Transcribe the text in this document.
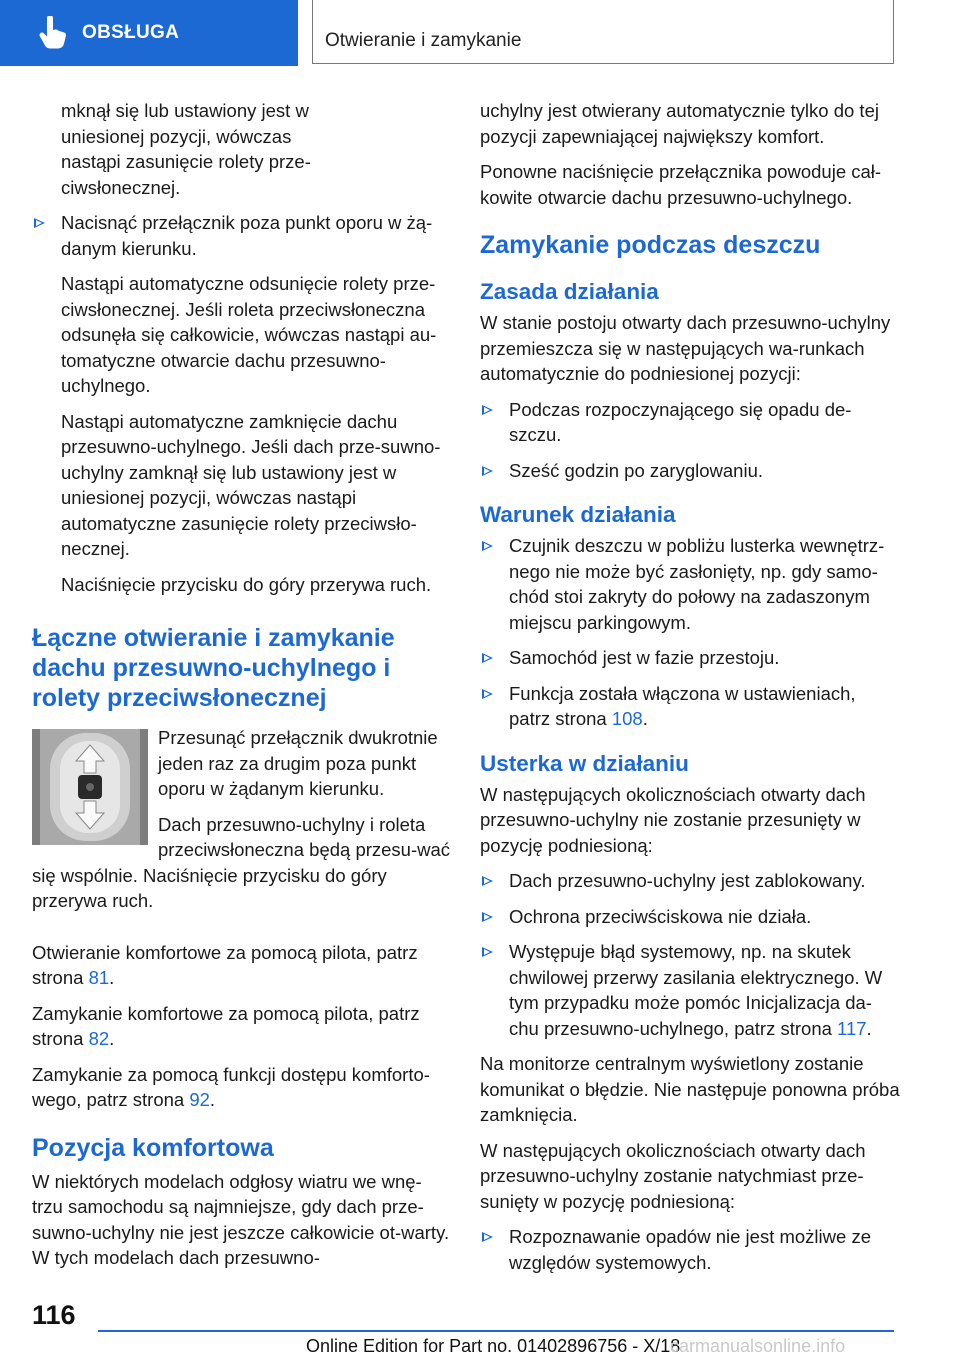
OBSŁUGA	Otwieranie i zamykanie

mknął się lub ustawiony jest w uniesionej pozycji, wówczas nastąpi zasunięcie rolety prze-ciwsłonecznej.

Nacisnąć przełącznik poza punkt oporu w żą-danym kierunku.

Nastąpi automatyczne odsunięcie rolety prze-ciwsłonecznej. Jeśli roleta przeciwsłoneczna odsunęła się całkowicie, wówczas nastąpi au-tomatyczne otwarcie dachu przesuwno-uchylnego.

Nastąpi automatyczne zamknięcie dachu przesuwno-uchylnego. Jeśli dach prze-suwno-uchylny zamknął się lub ustawiony jest w uniesionej pozycji, wówczas nastąpi automatyczne zasunięcie rolety przeciwsło-necznej.

Naciśnięcie przycisku do góry przerywa ruch.

Łączne otwieranie i zamykanie dachu przesuwno-uchylnego i rolety przeciwsłonecznej

Przesunąć przełącznik dwukrotnie jeden raz za drugim poza punkt oporu w żądanym kierunku.

Dach przesuwno-uchylny i roleta przeciwsłoneczna będą przesu-wać się wspólnie. Naciśnięcie przycisku do góry przerywa ruch.

Otwieranie komfortowe za pomocą pilota, patrz strona 81.

Zamykanie komfortowe za pomocą pilota, patrz strona 82.

Zamykanie za pomocą funkcji dostępu komforto-wego, patrz strona 92.

Pozycja komfortowa

W niektórych modelach odgłosy wiatru we wnę-trzu samochodu są najmniejsze, gdy dach prze-suwno-uchylny nie jest jeszcze całkowicie ot-warty. W tych modelach dach przesuwno-

uchylny jest otwierany automatycznie tylko do tej pozycji zapewniającej największy komfort.

Ponowne naciśnięcie przełącznika powoduje cał-kowite otwarcie dachu przesuwno-uchylnego.

Zamykanie podczas deszczu
Zasada działania

W stanie postoju otwarty dach przesuwno-uchylny przemieszcza się w następujących wa-runkach automatycznie do podniesionej pozycji:

Podczas rozpoczynającego się opadu de-szczu.
Sześć godzin po zaryglowaniu.
Warunek działania
Czujnik deszczu w pobliżu lusterka wewnętrz-nego nie może być zasłonięty, np. gdy samo-chód stoi zakryty do połowy na zadaszonym miejscu parkingowym.
Samochód jest w fazie przestoju.
Funkcja została włączona w ustawieniach, patrz strona 108.
Usterka w działaniu

W następujących okolicznościach otwarty dach przesuwno-uchylny nie zostanie przesunięty w pozycję podniesioną:

Dach przesuwno-uchylny jest zablokowany.
Ochrona przeciwściskowa nie działa.
Występuje błąd systemowy, np. na skutek chwilowej przerwy zasilania elektrycznego. W tym przypadku może pomóc Inicjalizacja da-chu przesuwno-uchylnego, patrz strona 117.

Na monitorze centralnym wyświetlony zostanie komunikat o błędzie. Nie następuje ponowna próba zamknięcia.

W następujących okolicznościach otwarty dach przesuwno-uchylny zostanie natychmiast prze-sunięty w pozycję podniesioną:

Rozpoznawanie opadów nie jest możliwe ze względów systemowych.
116
Online Edition for Part no. 01402896756 - X/18
carmanualsonline.info
